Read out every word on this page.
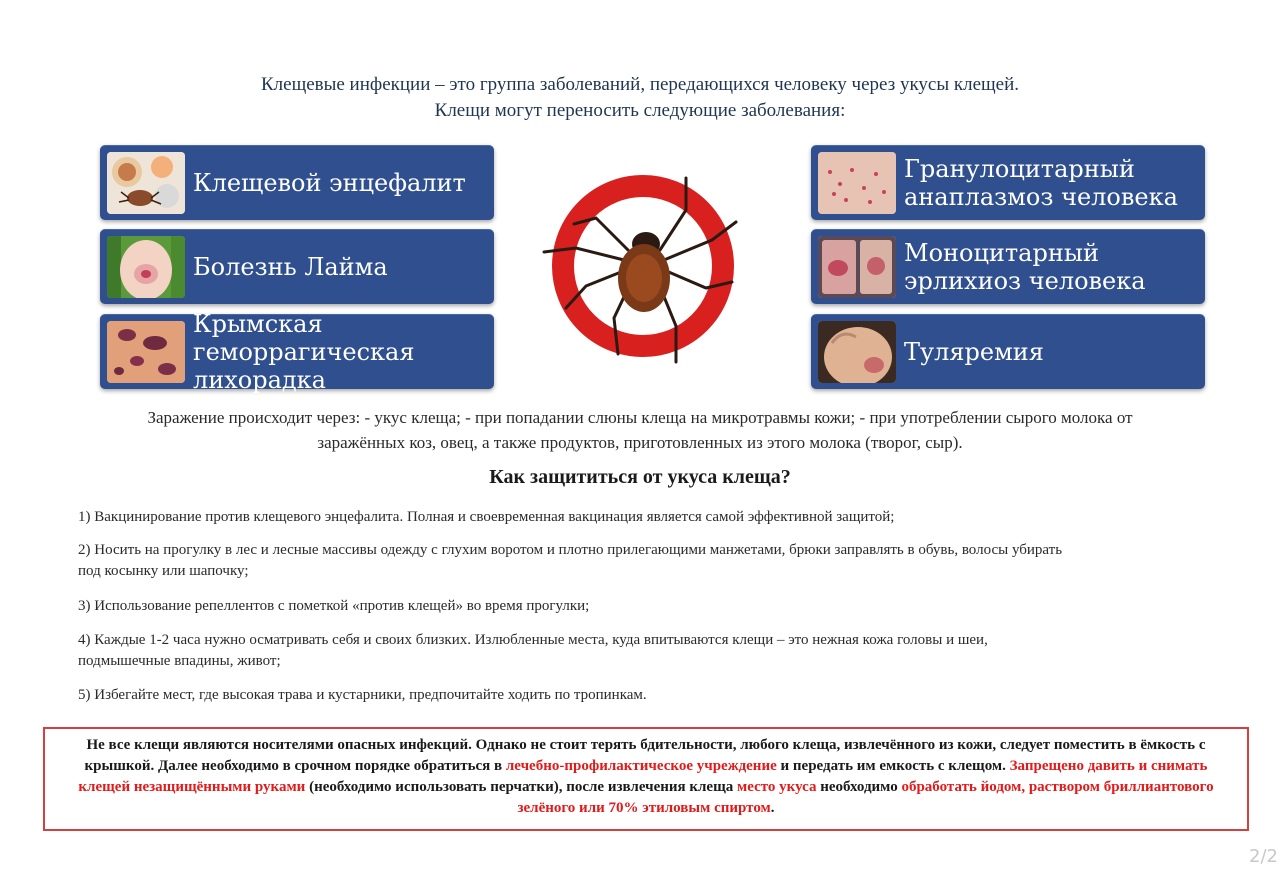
Клещевые инфекции – это группа заболеваний, передающихся человеку через укусы клещей.
Клещи могут переносить следующие заболевания:
Клещевой энцефалит
Болезнь Лайма
Крымская геморрагическая
лихорадка
Гранулоцитарный
анаплазмоз человека
Моноцитарный
эрлихиоз человека
Туляремия
Заражение происходит через: - укус клеща; - при попадании слюны клеща на микротравмы кожи; - при употреблении сырого молока от
заражённых коз, овец, а также продуктов, приготовленных из этого молока (творог, сыр).
Как защититься от укуса клеща?
1) Вакцинирование против клещевого энцефалита. Полная и своевременная вакцинация является самой эффективной защитой;
2) Носить на прогулку в лес и лесные массивы одежду с глухим воротом и плотно прилегающими манжетами, брюки заправлять в обувь, волосы убирать
под косынку или шапочку;
3) Использование репеллентов с пометкой «против клещей» во время прогулки;
4) Каждые 1-2 часа нужно осматривать себя и своих близких. Излюбленные места, куда впитываются клещи – это нежная кожа головы и шеи,
подмышечные впадины, живот;
5) Избегайте мест, где высокая трава и кустарники, предпочитайте ходить по тропинкам.
Не все клещи являются носителями опасных инфекций. Однако не стоит терять бдительности, любого клеща, извлечённого из кожи, следует поместить в ёмкость с крышкой. Далее необходимо в срочном порядке обратиться в лечебно-профилактическое учреждение и передать им емкость с клещом. Запрещено давить и снимать клещей незащищёнными руками (необходимо использовать перчатки), после извлечения клеща место укуса необходимо обработать йодом, раствором бриллиантового зелёного или 70% этиловым спиртом.
2/2
